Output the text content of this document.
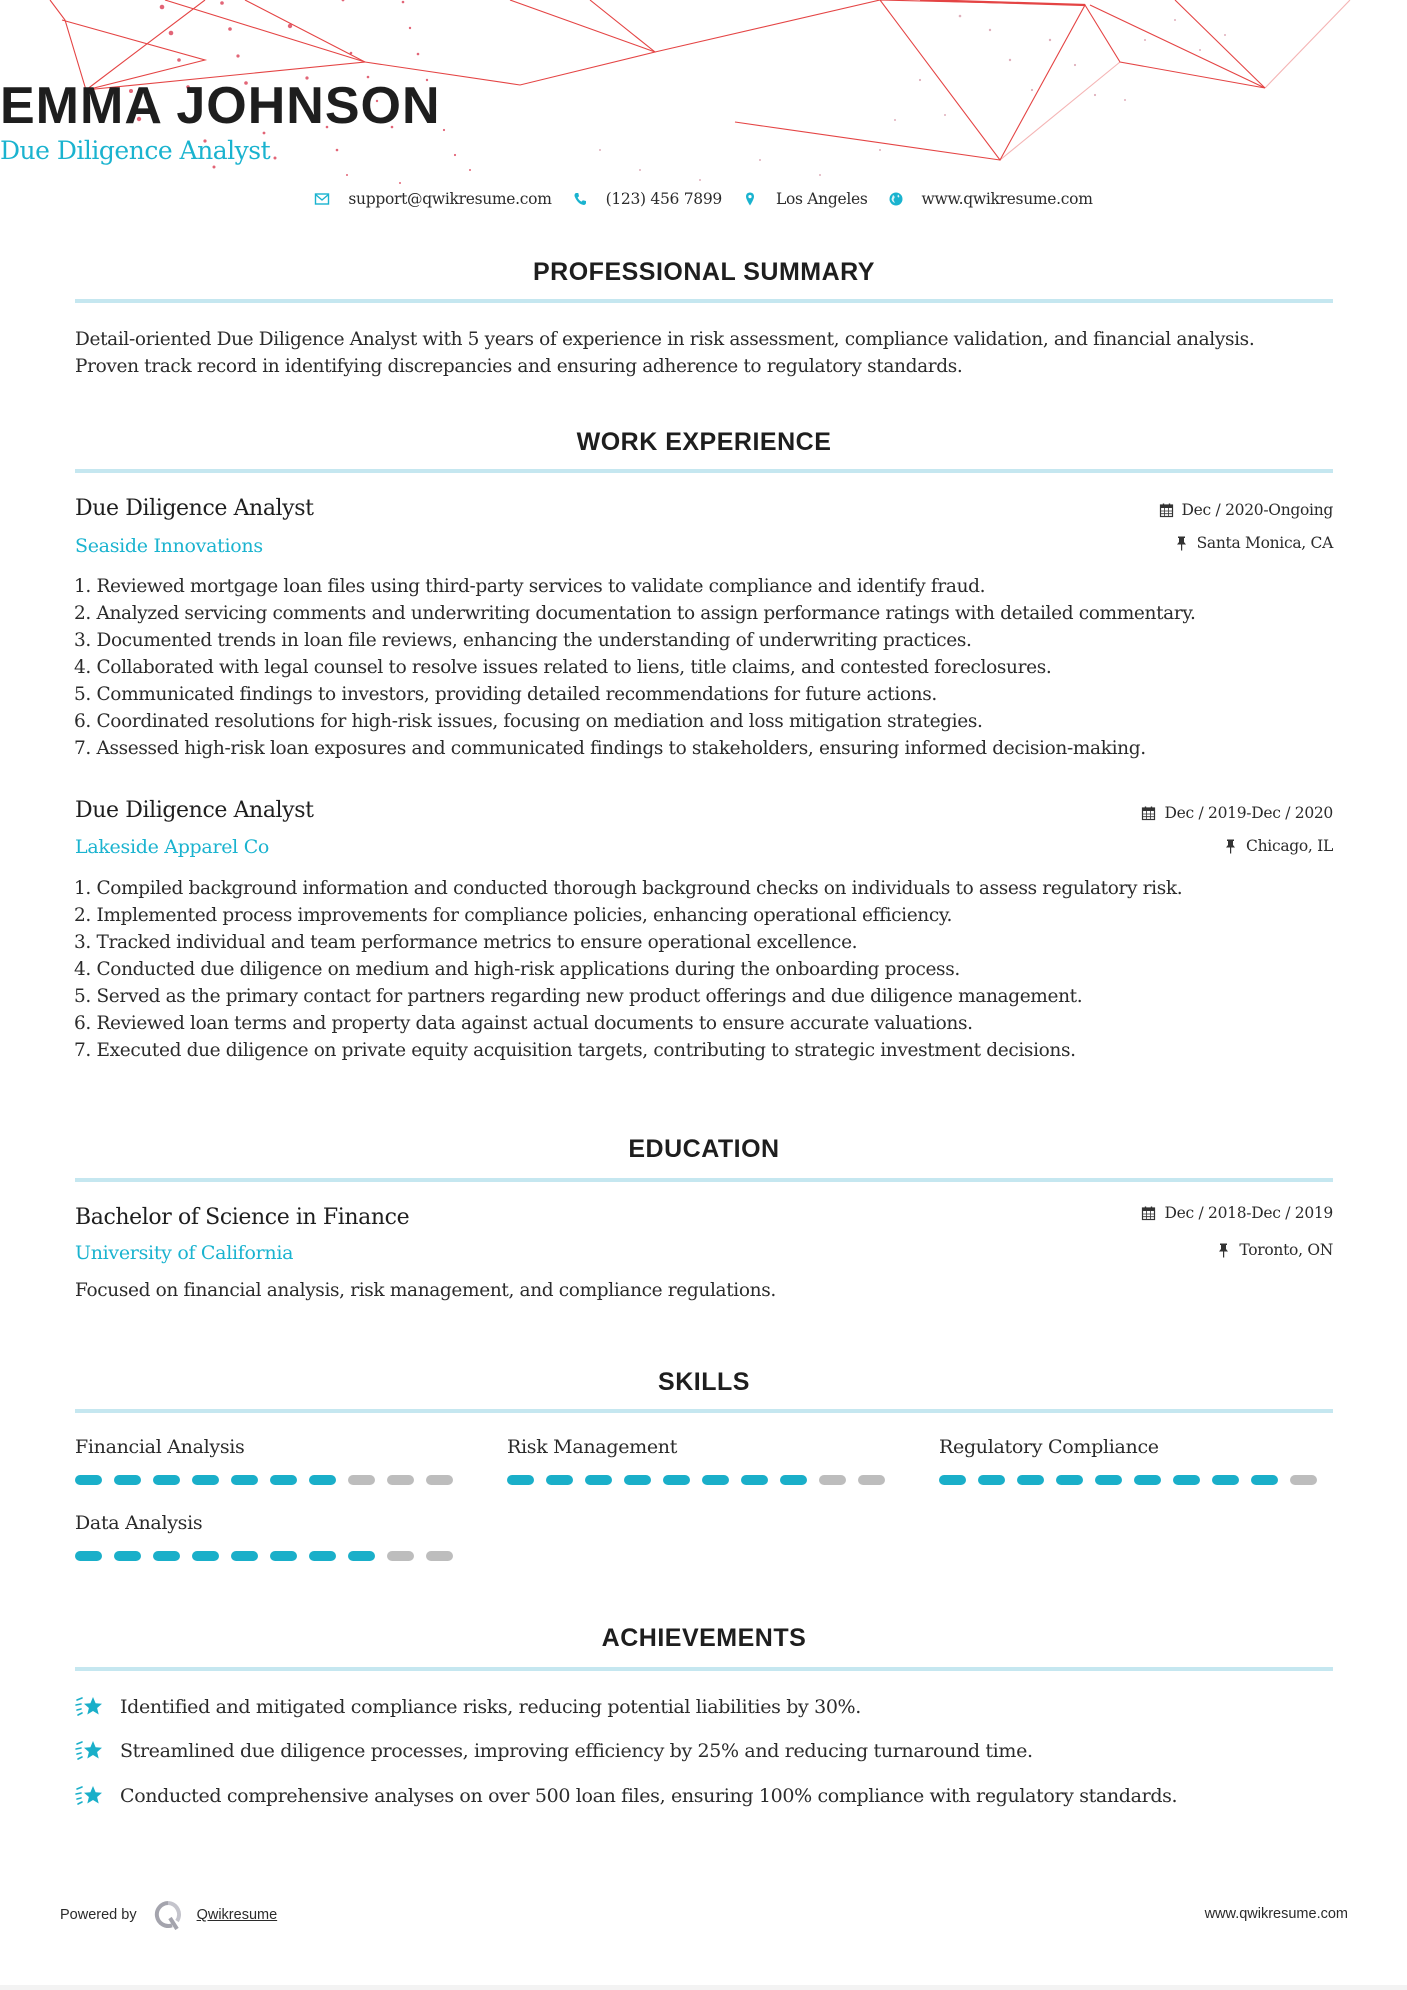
EMMA JOHNSON
Due Diligence Analyst
support@qwikresume.com	(123) 456 7899	Los Angeles	www.qwikresume.com
PROFESSIONAL SUMMARY
Detail-oriented Due Diligence Analyst with 5 years of experience in risk assessment, compliance validation, and financial analysis.
Proven track record in identifying discrepancies and ensuring adherence to regulatory standards.
WORK EXPERIENCE
Due Diligence Analyst
Seaside Innovations
Dec / 2020-Ongoing
Santa Monica, CA
1. Reviewed mortgage loan files using third-party services to validate compliance and identify fraud.
2. Analyzed servicing comments and underwriting documentation to assign performance ratings with detailed commentary.
3. Documented trends in loan file reviews, enhancing the understanding of underwriting practices.
4. Collaborated with legal counsel to resolve issues related to liens, title claims, and contested foreclosures.
5. Communicated findings to investors, providing detailed recommendations for future actions.
6. Coordinated resolutions for high-risk issues, focusing on mediation and loss mitigation strategies.
7. Assessed high-risk loan exposures and communicated findings to stakeholders, ensuring informed decision-making.
Due Diligence Analyst
Lakeside Apparel Co
Dec / 2019-Dec / 2020
Chicago, IL
1. Compiled background information and conducted thorough background checks on individuals to assess regulatory risk.
2. Implemented process improvements for compliance policies, enhancing operational efficiency.
3. Tracked individual and team performance metrics to ensure operational excellence.
4. Conducted due diligence on medium and high-risk applications during the onboarding process.
5. Served as the primary contact for partners regarding new product offerings and due diligence management.
6. Reviewed loan terms and property data against actual documents to ensure accurate valuations.
7. Executed due diligence on private equity acquisition targets, contributing to strategic investment decisions.
EDUCATION
Bachelor of Science in Finance
University of California
Dec / 2018-Dec / 2019
Toronto, ON
Focused on financial analysis, risk management, and compliance regulations.
SKILLS
Financial Analysis	Risk Management	Regulatory Compliance
Data Analysis
ACHIEVEMENTS
Identified and mitigated compliance risks, reducing potential liabilities by 30%.
Streamlined due diligence processes, improving efficiency by 25% and reducing turnaround time.
Conducted comprehensive analyses on over 500 loan files, ensuring 100% compliance with regulatory standards.
Powered by	Qwikresume	www.qwikresume.com
